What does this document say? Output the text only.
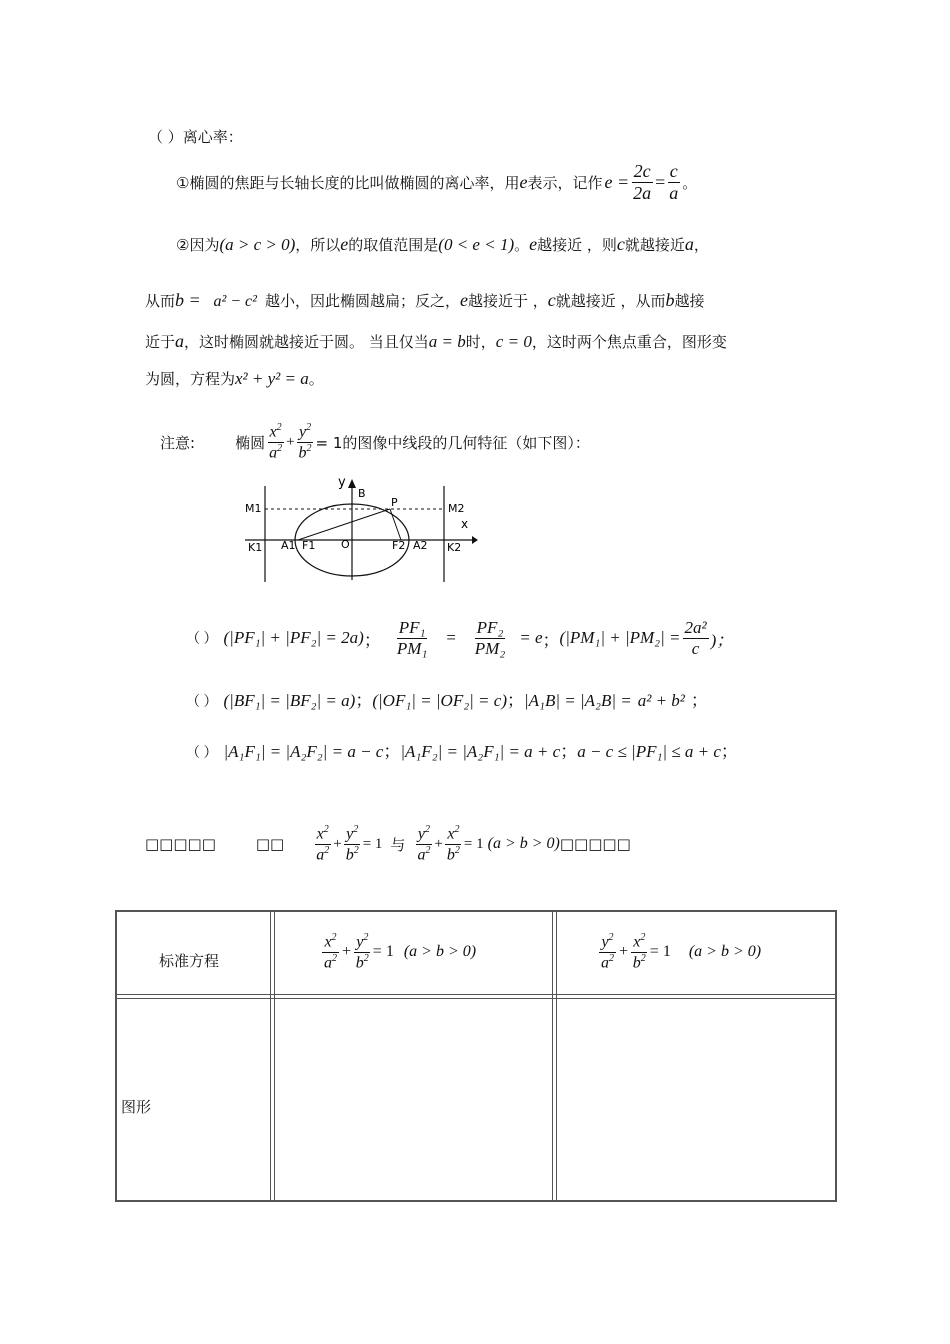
（ ）离心率：
①椭圆的焦距与长轴长度的比叫做椭圆的离心率，用 e 表示，记作 $e = \frac{2c}{2a} = \frac{c}{a}$ 。
②因为(a > c > 0)，所以e的取值范围是(0 < e < 1)。e越接近 ，则c就越接近a，
从而b = a² − c² 越小，因此椭圆越扁；反之，e越接近于 ，c就越接近 ，从而b越接
近于a，这时椭圆就越接近于圆。 当且仅当a = b时，c = 0，这时两个焦点重合，图形变
为圆，方程为x² + y² = a。
注意:	椭圆 $\frac{x^2}{a^2} + \frac{y^2}{b^2} = 1$的图像中线段的几何特征（如下图）：
y
B
P
M1	M2
x
K1 A1 F1 O	F2 A2 K2
（ ） (|PF₁| + |PF₂| = 2a) ； $\frac{\text{PF₁}}{\text{PM₁}} = \frac{\text{PF₂}}{\text{PM₂}} = e$ ； ($|PM_1| + |PM_2| = \frac{\text{2a²}}{c}$ )；
（ ） (|BF₁| = |BF₂| = a)；(|OF₁| = |OF₂| = c)；|A₁B| = |A₂B| = a² + b² ；
（ ） |A₁F₁| = |A₂F₂| = a − c；|A₁F₂| = |A₂F₁| = a + c；a − c ≤ |PF₁| ≤ a + c；
□□□□□	□□ $\frac{x^2}{a^2} + \frac{y^2}{b^2} = 1$ 与 $\frac{y^2}{a^2} + \frac{x^2}{b^2} = 1$ (a > b > 0) □□□□□
标准方程	$\frac{x^2}{a^2} + \frac{y^2}{b^2} = 1$ (a > b > 0)	$\frac{y^2}{a^2} + \frac{x^2}{b^2} = 1$ (a > b > 0)
图形
